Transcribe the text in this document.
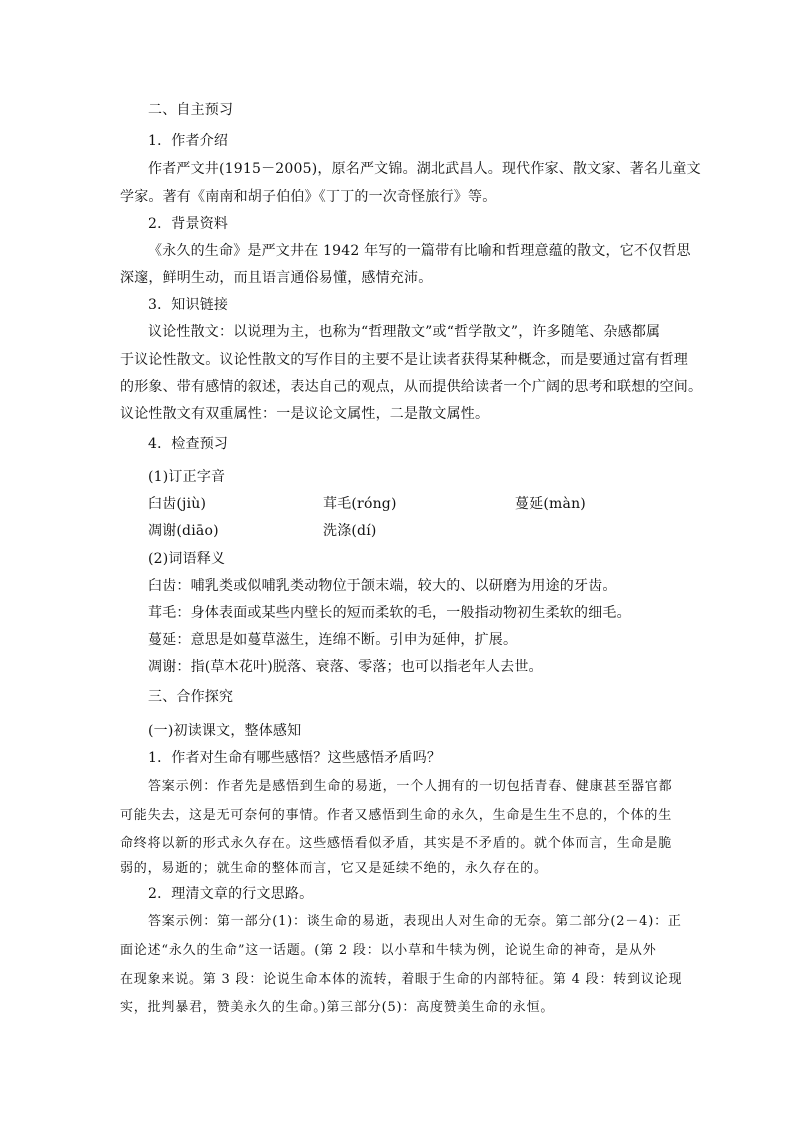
二、自主预习
1．作者介绍
作者严文井(1915－2005)，原名严文锦。湖北武昌人。现代作家、散文家、著名儿童文
学家。著有《南南和胡子伯伯》《丁丁的一次奇怪旅行》等。
2．背景资料
《永久的生命》是严文井在 1942 年写的一篇带有比喻和哲理意蕴的散文，它不仅哲思
深邃，鲜明生动，而且语言通俗易懂，感情充沛。
3．知识链接
议论性散文：以说理为主，也称为“哲理散文”或“哲学散文”，许多随笔、杂感都属
于议论性散文。议论性散文的写作目的主要不是让读者获得某种概念，而是要通过富有哲理
的形象、带有感情的叙述，表达自己的观点，从而提供给读者一个广阔的思考和联想的空间。
议论性散文有双重属性：一是议论文属性，二是散文属性。
4．检查预习
(1)订正字音
臼齿(jiù)	茸毛(róng)	蔓延(màn)
凋谢(diāo)	洗涤(dí)
(2)词语释义
臼齿：哺乳类或似哺乳类动物位于颌末端，较大的、以研磨为用途的牙齿。
茸毛：身体表面或某些内壁长的短而柔软的毛，一般指动物初生柔软的细毛。
蔓延：意思是如蔓草滋生，连绵不断。引申为延伸，扩展。
凋谢：指(草木花叶)脱落、衰落、零落；也可以指老年人去世。
三、合作探究
(一)初读课文，整体感知
1．作者对生命有哪些感悟？这些感悟矛盾吗？
答案示例：作者先是感悟到生命的易逝，一个人拥有的一切包括青春、健康甚至器官都
可能失去，这是无可奈何的事情。作者又感悟到生命的永久，生命是生生不息的，个体的生
命终将以新的形式永久存在。这些感悟看似矛盾，其实是不矛盾的。就个体而言，生命是脆
弱的，易逝的；就生命的整体而言，它又是延续不绝的，永久存在的。
2．理清文章的行文思路。
答案示例：第一部分(1)：谈生命的易逝，表现出人对生命的无奈。第二部分(2－4)：正
面论述“永久的生命”这一话题。(第 2 段：以小草和牛犊为例，论说生命的神奇，是从外
在现象来说。第 3 段：论说生命本体的流转，着眼于生命的内部特征。第 4 段：转到议论现
实，批判暴君，赞美永久的生命。)第三部分(5)：高度赞美生命的永恒。
